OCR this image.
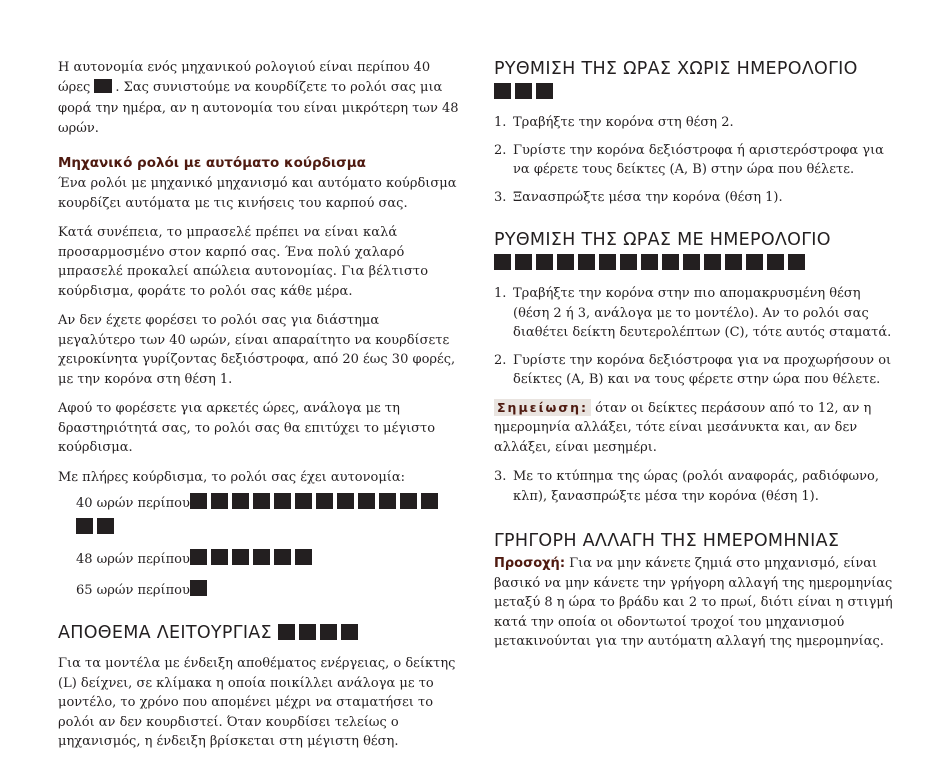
Η αυτονομία ενός μηχανικού ρολογιού είναι περίπου 40 ώρες . Σας συνιστούμε να κουρδίζετε το ρολόι σας μια φορά την ημέρα, αν η αυτονομία του είναι μικρότερη των 48 ωρών.

Μηχανικό ρολόι με αυτόματο κούρδισμα

Ένα ρολόι με μηχανικό μηχανισμό και αυτόματο κούρδισμα κουρδίζει αυτόματα με τις κινήσεις του καρπού σας.

Κατά συνέπεια, το μπρασελέ πρέπει να είναι καλά προσαρμοσμένο στον καρπό σας. Ένα πολύ χαλαρό μπρασελέ προκαλεί απώλεια αυτονομίας. Για βέλτιστο κούρδισμα, φοράτε το ρολόι σας κάθε μέρα.

Αν δεν έχετε φορέσει το ρολόι σας για διάστημα μεγαλύτερο των 40 ωρών, είναι απαραίτητο να κουρδίσετε χειροκίνητα γυρίζοντας δεξιόστροφα, από 20 έως 30 φορές, με την κορόνα στη θέση 1.

Αφού το φορέσετε για αρκετές ώρες, ανάλογα με τη δραστηριότητά σας, το ρολόι σας θα επιτύχει το μέγιστο κούρδισμα.

Με πλήρες κούρδισμα, το ρολόι σας έχει αυτονομία:

40 ωρών περίπου
48 ωρών περίπου
65 ωρών περίπου
ΑΠΟΘΕΜΑ ΛΕΙΤΟΥΡΓΙΑΣ

Για τα μοντέλα με ένδειξη αποθέματος ενέργειας, ο δείκτης (L) δείχνει, σε κλίμακα η οποία ποικίλλει ανάλογα με το μοντέλο, το χρόνο που απομένει μέχρι να σταματήσει το ρολόι αν δεν κουρδιστεί. Όταν κουρδίσει τελείως ο μηχανισμός, η ένδειξη βρίσκεται στη μέγιστη θέση.

ΡΥΘΜΙΣΗ ΤΗΣ ΩΡΑΣ ΧΩΡΙΣ ΗΜΕΡΟΛΟΓΙΟ
1. Τραβήξτε την κορόνα στη θέση 2.
2. Γυρίστε την κορόνα δεξιόστροφα ή αριστερόστροφα για να φέρετε τους δείκτες (A, B) στην ώρα που θέλετε.
3. Ξανασπρώξτε μέσα την κορόνα (θέση 1).
ΡΥΘΜΙΣΗ ΤΗΣ ΩΡΑΣ ΜΕ ΗΜΕΡΟΛΟΓΙΟ
1. Τραβήξτε την κορόνα στην πιο απομακρυσμένη θέση (θέση 2 ή 3, ανάλογα με το μοντέλο). Αν το ρολόι σας διαθέτει δείκτη δευτερολέπτων (C), τότε αυτός σταματά.
2. Γυρίστε την κορόνα δεξιόστροφα για να προχωρήσουν οι δείκτες (A, B) και να τους φέρετε στην ώρα που θέλετε.

Σημείωση: όταν οι δείκτες περάσουν από το 12, αν η ημερομηνία αλλάξει, τότε είναι μεσάνυκτα και, αν δεν αλλάξει, είναι μεσημέρι.

3. Με το κτύπημα της ώρας (ρολόι αναφοράς, ραδιόφωνο, κλπ), ξανασπρώξτε μέσα την κορόνα (θέση 1).
ΓΡΗΓΟΡΗ ΑΛΛΑΓΗ ΤΗΣ ΗΜΕΡΟΜΗΝΙΑΣ

Προσοχή: Για να μην κάνετε ζημιά στο μηχανισμό, είναι βασικό να μην κάνετε την γρήγορη αλλαγή της ημερομηνίας μεταξύ 8 η ώρα το βράδυ και 2 το πρωί, διότι είναι η στιγμή κατά την οποία οι οδοντωτοί τροχοί του μηχανισμού μετακινούνται για την αυτόματη αλλαγή της ημερομηνίας.
